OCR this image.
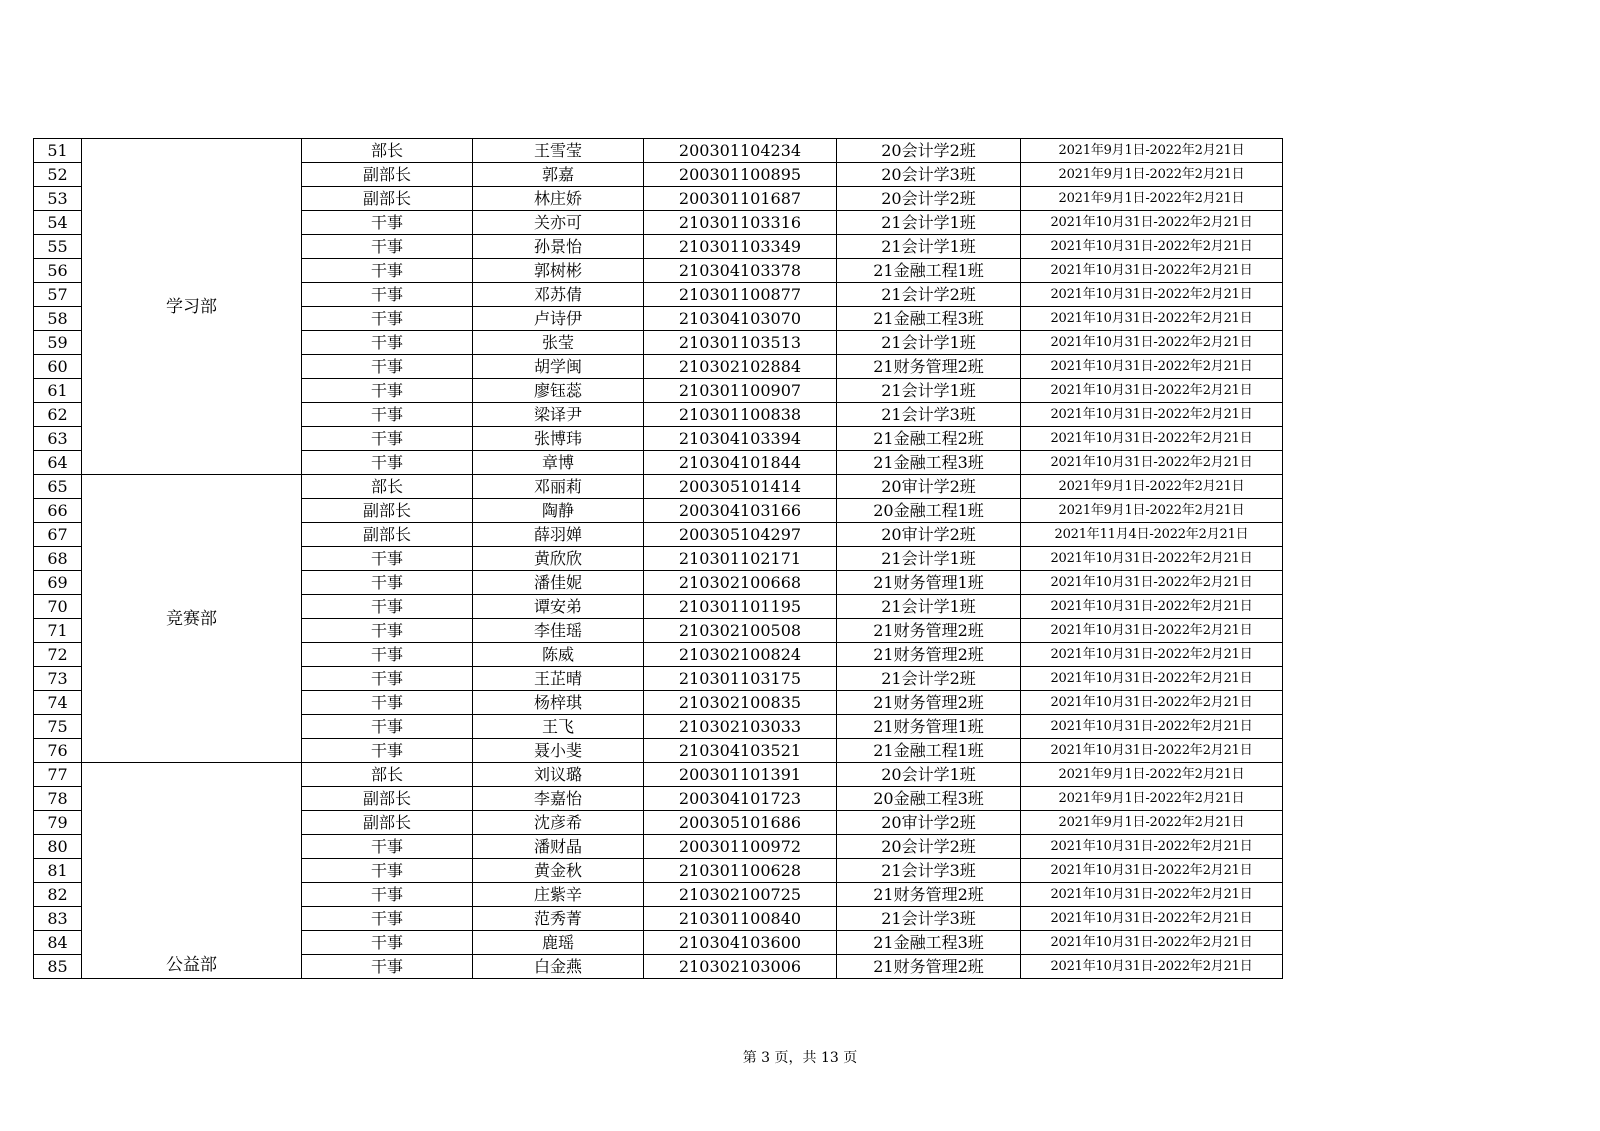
51	学习部	部长	王雪莹	200301104234	20会计学2班	2021年9月1日-2022年2月21日
52		副部长	郭嘉	200301100895	20会计学3班	2021年9月1日-2022年2月21日
53		副部长	林庄娇	200301101687	20会计学2班	2021年9月1日-2022年2月21日
54		干事	关亦可	210301103316	21会计学1班	2021年10月31日-2022年2月21日
55		干事	孙景怡	210301103349	21会计学1班	2021年10月31日-2022年2月21日
56		干事	郭树彬	210304103378	21金融工程1班	2021年10月31日-2022年2月21日
57		干事	邓苏倩	210301100877	21会计学2班	2021年10月31日-2022年2月21日
58		干事	卢诗伊	210304103070	21金融工程3班	2021年10月31日-2022年2月21日
59		干事	张莹	210301103513	21会计学1班	2021年10月31日-2022年2月21日
60		干事	胡学闽	210302102884	21财务管理2班	2021年10月31日-2022年2月21日
61		干事	廖钰蕊	210301100907	21会计学1班	2021年10月31日-2022年2月21日
62		干事	梁译尹	210301100838	21会计学3班	2021年10月31日-2022年2月21日
63		干事	张博玮	210304103394	21金融工程2班	2021年10月31日-2022年2月21日
64		干事	章博	210304101844	21金融工程3班	2021年10月31日-2022年2月21日
65	竞赛部	部长	邓丽莉	200305101414	20审计学2班	2021年9月1日-2022年2月21日
66		副部长	陶静	200304103166	20金融工程1班	2021年9月1日-2022年2月21日
67		副部长	薛羽婵	200305104297	20审计学2班	2021年11月4日-2022年2月21日
68		干事	黄欣欣	210301102171	21会计学1班	2021年10月31日-2022年2月21日
69		干事	潘佳妮	210302100668	21财务管理1班	2021年10月31日-2022年2月21日
70		干事	谭安弟	210301101195	21会计学1班	2021年10月31日-2022年2月21日
71		干事	李佳瑶	210302100508	21财务管理2班	2021年10月31日-2022年2月21日
72		干事	陈威	210302100824	21财务管理2班	2021年10月31日-2022年2月21日
73		干事	王芷晴	210301103175	21会计学2班	2021年10月31日-2022年2月21日
74		干事	杨梓琪	210302100835	21财务管理2班	2021年10月31日-2022年2月21日
75		干事	王飞	210302103033	21财务管理1班	2021年10月31日-2022年2月21日
76		干事	聂小斐	210304103521	21金融工程1班	2021年10月31日-2022年2月21日
77	公益部	部长	刘议璐	200301101391	20会计学1班	2021年9月1日-2022年2月21日
78		副部长	李嘉怡	200304101723	20金融工程3班	2021年9月1日-2022年2月21日
79		副部长	沈彦希	200305101686	20审计学2班	2021年9月1日-2022年2月21日
80		干事	潘财晶	200301100972	20会计学2班	2021年10月31日-2022年2月21日
81		干事	黄金秋	210301100628	21会计学3班	2021年10月31日-2022年2月21日
82		干事	庄紫辛	210302100725	21财务管理2班	2021年10月31日-2022年2月21日
83		干事	范秀菁	210301100840	21会计学3班	2021年10月31日-2022年2月21日
84		干事	鹿瑶	210304103600	21金融工程3班	2021年10月31日-2022年2月21日
85		干事	白金燕	210302103006	21财务管理2班	2021年10月31日-2022年2月21日
第 3 页，共 13 页
